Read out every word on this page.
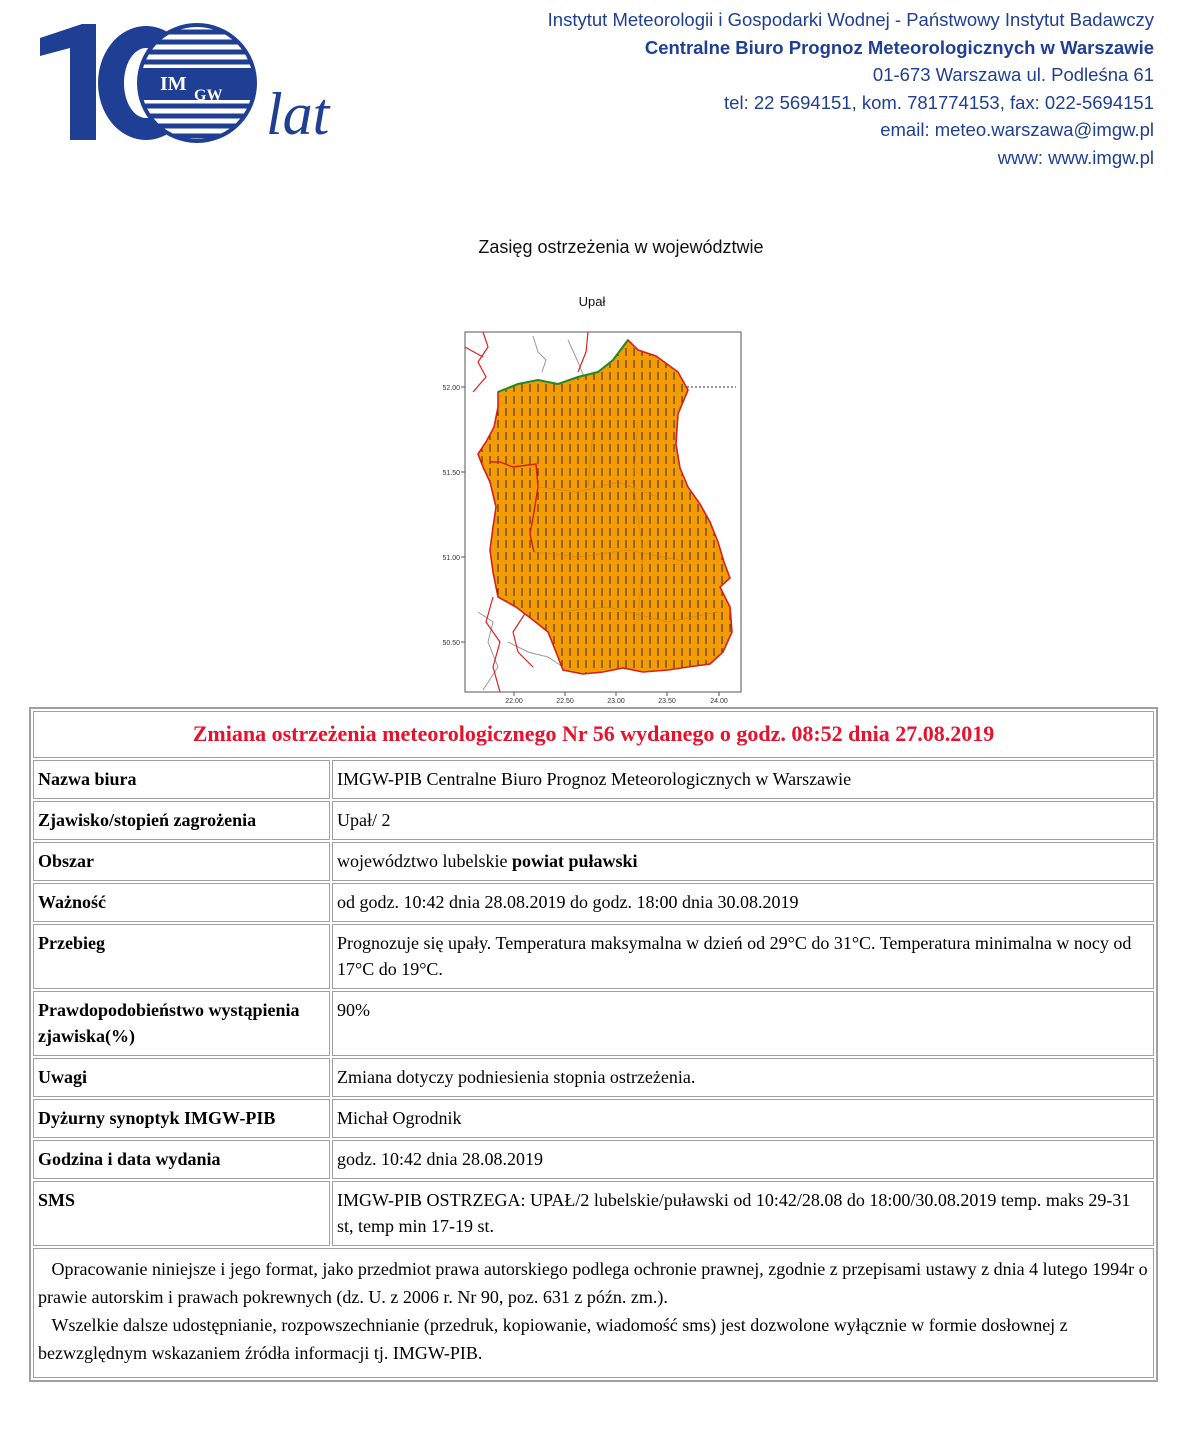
IM
GW lat
Instytut Meteorologii i Gospodarki Wodnej - Państwowy Instytut Badawczy
Centralne Biuro Prognoz Meteorologicznych w Warszawie
01-673 Warszawa ul. Podleśna 61
tel: 22 5694151, kom. 781774153, fax: 022-5694151
email: meteo.warszawa@imgw.pl
www: www.imgw.pl
Zasięg ostrzeżenia w województwie
Upał
52.00
51.50
51.00
50.50
22.00	22.50	23.00	23.50	24.00
Zmiana ostrzeżenia meteorologicznego Nr 56 wydanego o godz. 08:52 dnia 27.08.2019	
Nazwa biura	IMGW-PIB Centralne Biuro Prognoz Meteorologicznych w Warszawie
Zjawisko/stopień zagrożenia	Upał/ 2
Obszar	województwo lubelskie powiat puławski
Ważność	od godz. 10:42 dnia 28.08.2019 do godz. 18:00 dnia 30.08.2019
Przebieg	Prognozuje się upały. Temperatura maksymalna w dzień od 29°C do 31°C. Temperatura minimalna w nocy od 17°C do 19°C.
Prawdopodobieństwo wystąpienia zjawiska(%)	90%
Uwagi	Zmiana dotyczy podniesienia stopnia ostrzeżenia.
Dyżurny synoptyk IMGW-PIB	Michał Ogrodnik
Godzina i data wydania	godz. 10:42 dnia 28.08.2019
SMS	IMGW-PIB OSTRZEGA: UPAŁ/2 lubelskie/puławski od 10:42/28.08 do 18:00/30.08.2019 temp. maks 29-31 st, temp min 17-19 st.

Opracowanie niniejsze i jego format, jako przedmiot prawa autorskiego podlega ochronie prawnej, zgodnie z przepisami ustawy z dnia 4 lutego 1994r o prawie autorskim i prawach pokrewnych (dz. U. z 2006 r. Nr 90, poz. 631 z późn. zm.).
Wszelkie dalsze udostępnianie, rozpowszechnianie (przedruk, kopiowanie, wiadomość sms) jest dozwolone wyłącznie w formie dosłownej z bezwzględnym wskazaniem źródła informacji tj. IMGW-PIB.	
